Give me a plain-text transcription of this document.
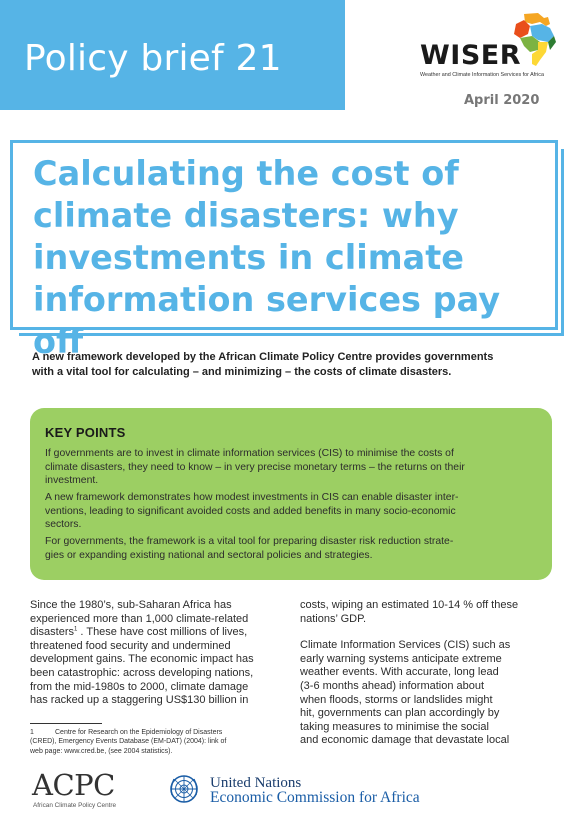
Policy brief 21	WISER
Weather and Climate Information Services for Africa
April 2020
Calculating the cost of
climate disasters: why
investments in climate
information services pay off
A new framework developed by the African Climate Policy Centre provides governments
with a vital tool for calculating – and minimizing – the costs of climate disasters.
KEY POINTS

If governments are to invest in climate information services (CIS) to minimise the costs of
climate disasters, they need to know – in very precise monetary terms – the returns on their
investment.

A new framework demonstrates how modest investments in CIS can enable disaster inter-
ventions, leading to significant avoided costs and added benefits in many socio-economic
sectors.

For governments, the framework is a vital tool for preparing disaster risk reduction strate-
gies or expanding existing national and sectoral policies and strategies.

Since the 1980’s, sub-Saharan Africa has
experienced more than 1,000 climate-related
disasters$^1$ . These have cost millions of lives,
threatened food security and undermined
development gains. The economic impact has
been catastrophic: across developing nations,
from the mid-1980s to 2000, climate damage
has racked up a staggering US$130 billion in

costs, wiping an estimated 10-14 % off these
nations’ GDP.

Climate Information Services (CIS) such as
early warning systems anticipate extreme
weather events. With accurate, long lead
(3-6 months ahead) information about
when floods, storms or landslides might
hit, governments can plan accordingly by
taking measures to minimise the social
and economic damage that devastate local

1	Centre for Research on the Epidemiology of Disasters
(CRED), Emergency Events Database (EM-DAT) (2004): link of
web page: www.cred.be, (see 2004 statistics).
ACPC
African Climate Policy Centre
United Nations
Economic Commission for Africa
